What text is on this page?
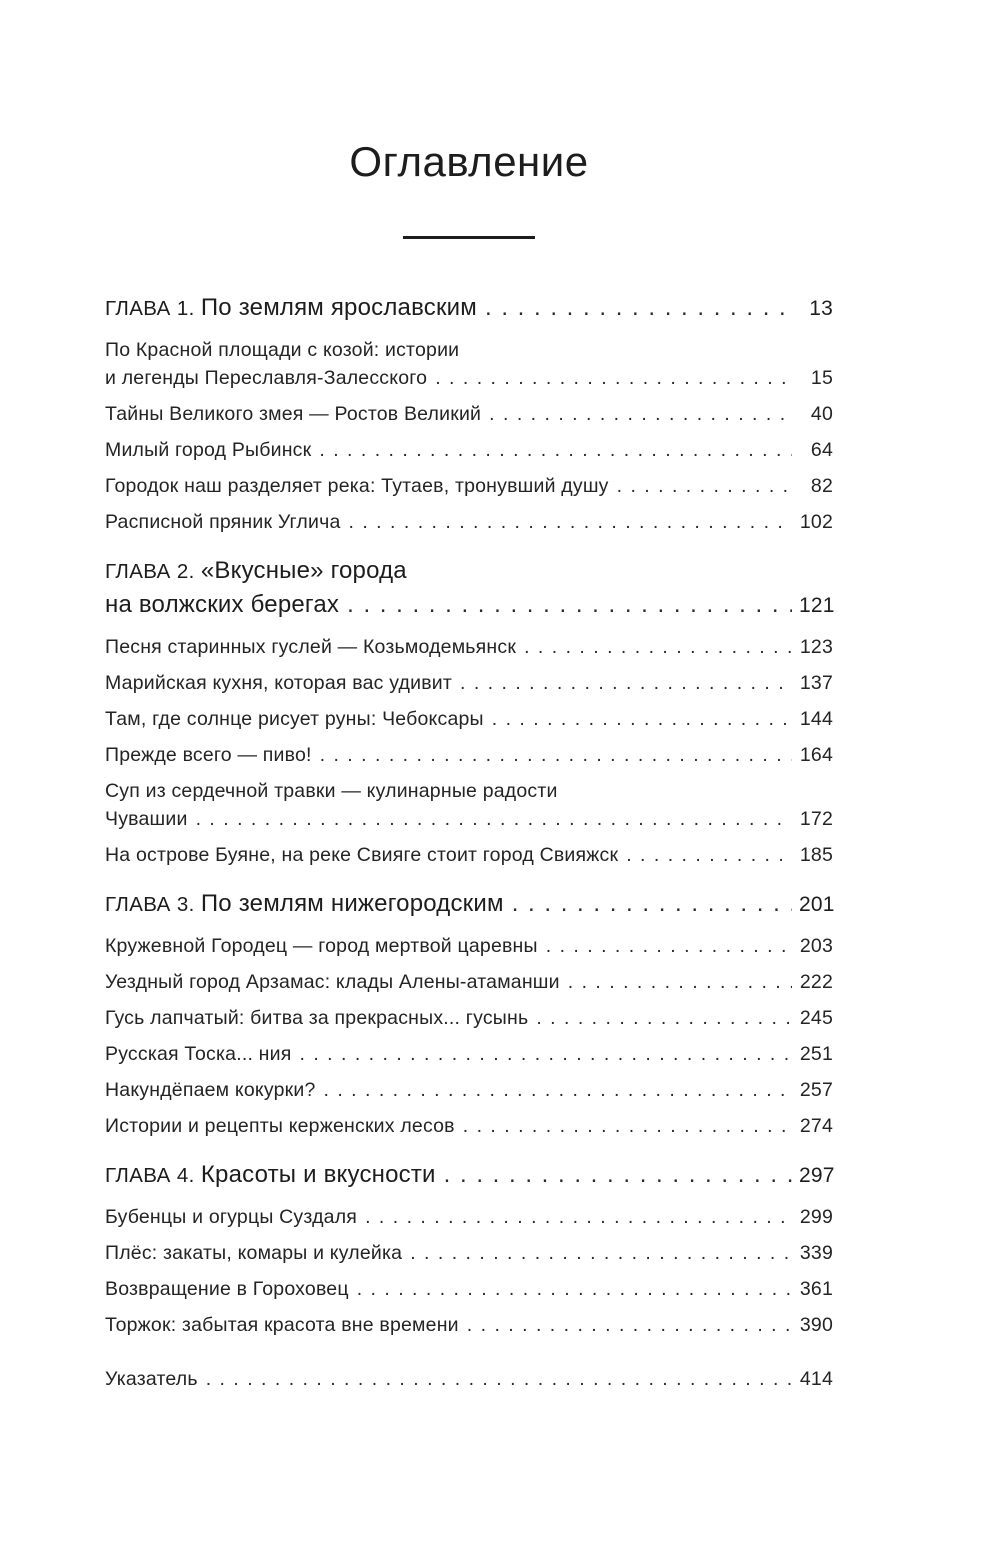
Оглавление
ГЛАВА 1. По землям ярославским . . .	13
По Красной площади с козой: истории
и легенды Переславля-Залесского . . .	15
Тайны Великого змея — Ростов Великий . . .	40
Милый город Рыбинск . . .	64
Городок наш разделяет река: Тутаев, тронувший душу . . .	82
Расписной пряник Углича . . .	102
ГЛАВА 2. «Вкусные» города
на волжских берегах . . .	121
Песня старинных гуслей — Козьмодемьянск . . .	123
Марийская кухня, которая вас удивит . . .	137
Там, где солнце рисует руны: Чебоксары . . .	144
Прежде всего — пиво! . . .	164
Суп из сердечной травки — кулинарные радости
Чувашии . . .	172
На острове Буяне, на реке Свияге стоит город Свияжск . . .	185
ГЛАВА 3. По землям нижегородским . . .	201
Кружевной Городец — город мертвой царевны . . .	203
Уездный город Арзамас: клады Алены-атаманши . . .	222
Гусь лапчатый: битва за прекрасных... гусынь . . .	245
Русская Тоска... ния . . .	251
Накундёпаем кокурки? . . .	257
Истории и рецепты керженских лесов . . .	274
ГЛАВА 4. Красоты и вкусности . . .	297
Бубенцы и огурцы Суздаля . . .	299
Плёс: закаты, комары и кулейка . . .	339
Возвращение в Гороховец . . .	361
Торжок: забытая красота вне времени . . .	390
Указатель . . .	414
